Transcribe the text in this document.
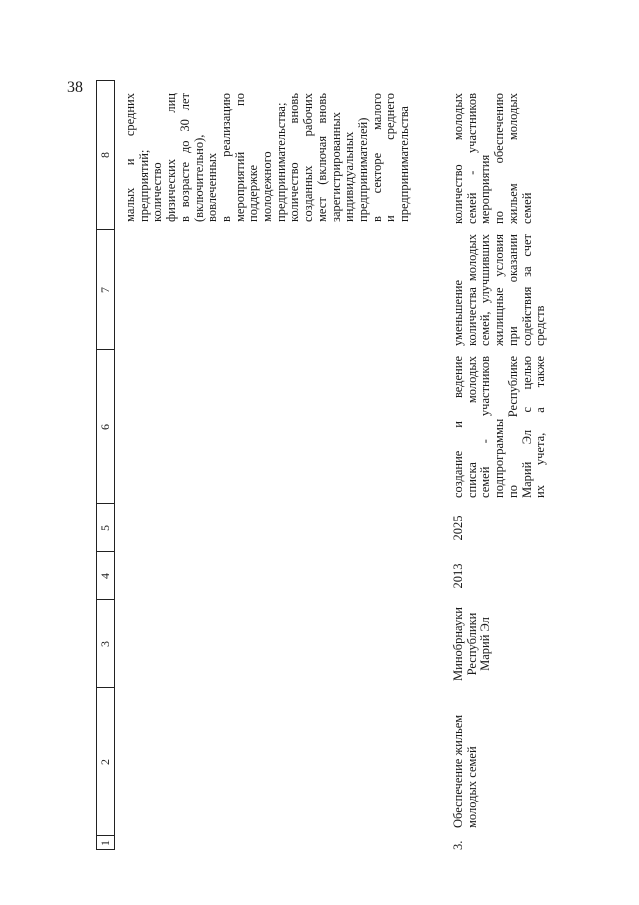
38
1
2
3
4
5
6
7
8 малых и средних предприятий; количество физических лиц в возрасте до 30 лет (включительно), вовлеченных в реализацию мероприятий по поддержке молодежного предпринимательства; количество вновь созданных рабочих мест (включая вновь зарегистрированных индивидуальных предпринимателей) в секторе малого и среднего предпринимательства
3.
Обеспечение жильем молодых семей
Минобрнауки Республики Марий Эл
2013
2025
создание и ведение списка молодых семей - участников подпрограммы по Республике Марий Эл с целью их учета, а также
уменьшение количества молодых семей, улучшивших жилищные условия при оказании содействия за счет средств
количество молодых семей - участников мероприятия по обеспечению жильем молодых семей
